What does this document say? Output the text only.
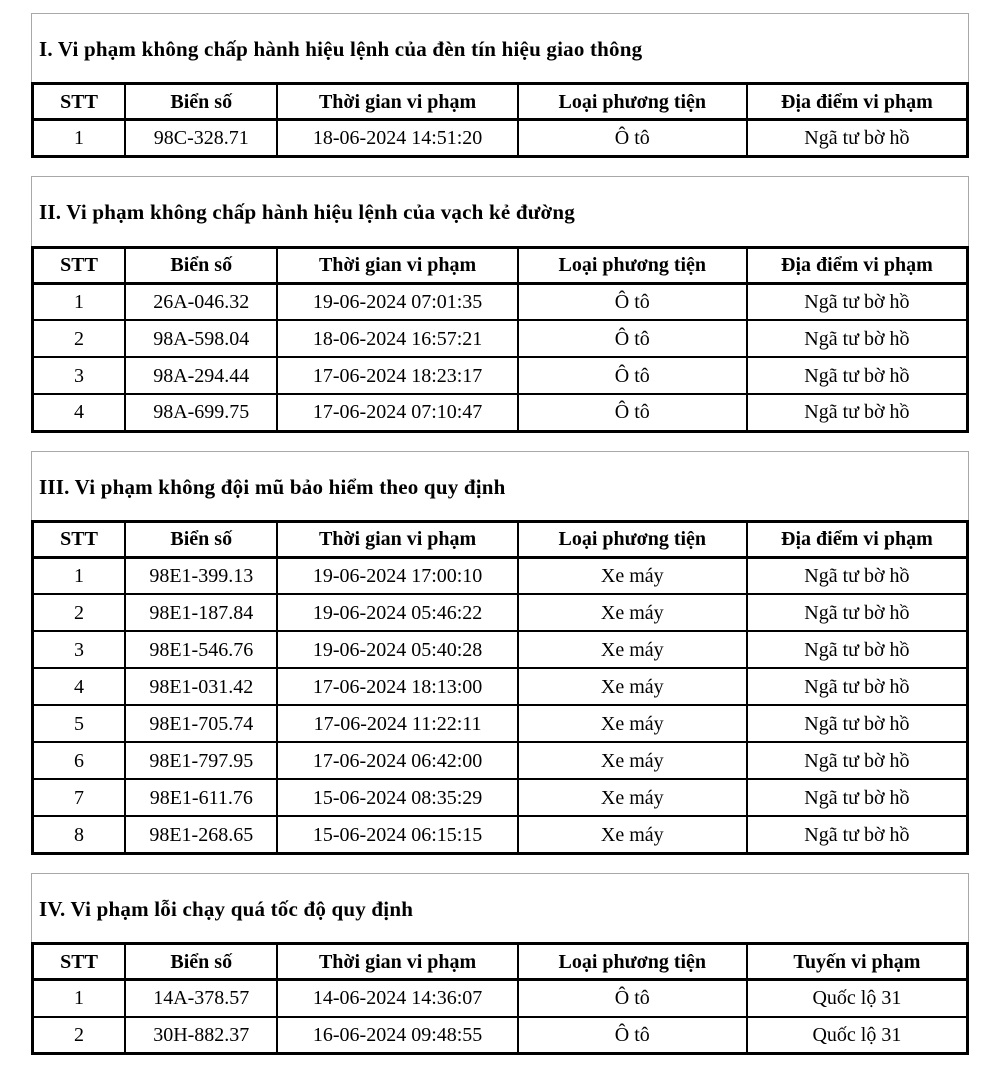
I. Vi phạm không chấp hành hiệu lệnh của đèn tín hiệu giao thông
STT	Biển số	Thời gian vi phạm	Loại phương tiện	Địa điểm vi phạm
1	98C-328.71	18-06-2024 14:51:20	Ô tô	Ngã tư bờ hồ
II. Vi phạm không chấp hành hiệu lệnh của vạch kẻ đường
STT	Biển số	Thời gian vi phạm	Loại phương tiện	Địa điểm vi phạm
1	26A-046.32	19-06-2024 07:01:35	Ô tô	Ngã tư bờ hồ
2	98A-598.04	18-06-2024 16:57:21	Ô tô	Ngã tư bờ hồ
3	98A-294.44	17-06-2024 18:23:17	Ô tô	Ngã tư bờ hồ
4	98A-699.75	17-06-2024 07:10:47	Ô tô	Ngã tư bờ hồ
III. Vi phạm không đội mũ bảo hiểm theo quy định
STT	Biển số	Thời gian vi phạm	Loại phương tiện	Địa điểm vi phạm
1	98E1-399.13	19-06-2024 17:00:10	Xe máy	Ngã tư bờ hồ
2	98E1-187.84	19-06-2024 05:46:22	Xe máy	Ngã tư bờ hồ
3	98E1-546.76	19-06-2024 05:40:28	Xe máy	Ngã tư bờ hồ
4	98E1-031.42	17-06-2024 18:13:00	Xe máy	Ngã tư bờ hồ
5	98E1-705.74	17-06-2024 11:22:11	Xe máy	Ngã tư bờ hồ
6	98E1-797.95	17-06-2024 06:42:00	Xe máy	Ngã tư bờ hồ
7	98E1-611.76	15-06-2024 08:35:29	Xe máy	Ngã tư bờ hồ
8	98E1-268.65	15-06-2024 06:15:15	Xe máy	Ngã tư bờ hồ
IV. Vi phạm lỗi chạy quá tốc độ quy định
STT	Biển số	Thời gian vi phạm	Loại phương tiện	Tuyến vi phạm
1	14A-378.57	14-06-2024 14:36:07	Ô tô	Quốc lộ 31
2	30H-882.37	16-06-2024 09:48:55	Ô tô	Quốc lộ 31
